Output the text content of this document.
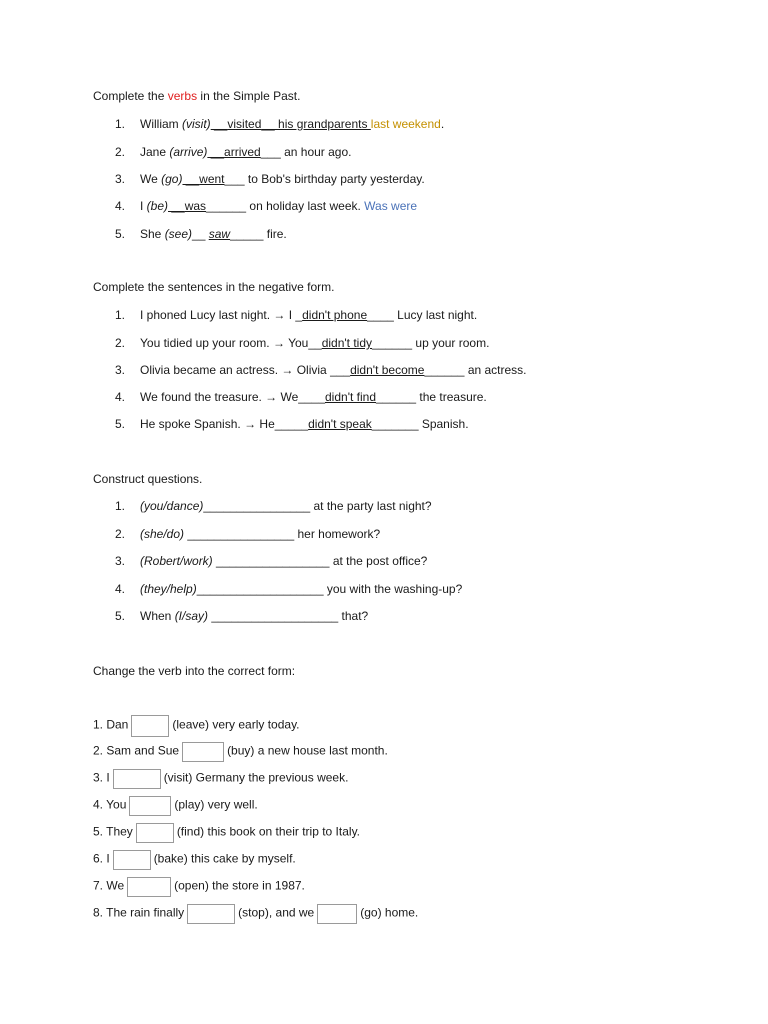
Complete the verbs in the Simple Past.
1. William (visit) __visited__ his grandparents last weekend.
2. Jane (arrive) __arrived___ an hour ago.
3. We (go) __went___ to Bob's birthday party yesterday.
4. I (be) __was______ on holiday last week. Was were
5. She (see)__ saw_____ fire.
Complete the sentences in the negative form.
1. I phoned Lucy last night. → I _didn't phone____ Lucy last night.
2. You tidied up your room. → You__didn't tidy______ up your room.
3. Olivia became an actress. → Olivia ___didn't become______ an actress.
4. We found the treasure. → We____didn't find______ the treasure.
5. He spoke Spanish. → He_____didn't speak_______ Spanish.
Construct questions.
1. (you/dance)________________ at the party last night?
2. (she/do) ________________ her homework?
3. (Robert/work) _________________ at the post office?
4. (they/help)___________________ you with the washing-up?
5. When (I/say) ___________________ that?
Change the verb into the correct form:
1. Dan	(leave) very early today.
2. Sam and Sue	(buy) a new house last month.
3. I	(visit) Germany the previous week.
4. You	(play) very well.
5. They	(find) this book on their trip to Italy.
6. I	(bake) this cake by myself.
7. We	(open) the store in 1987.
8. The rain finally	(stop), and we	(go) home.
